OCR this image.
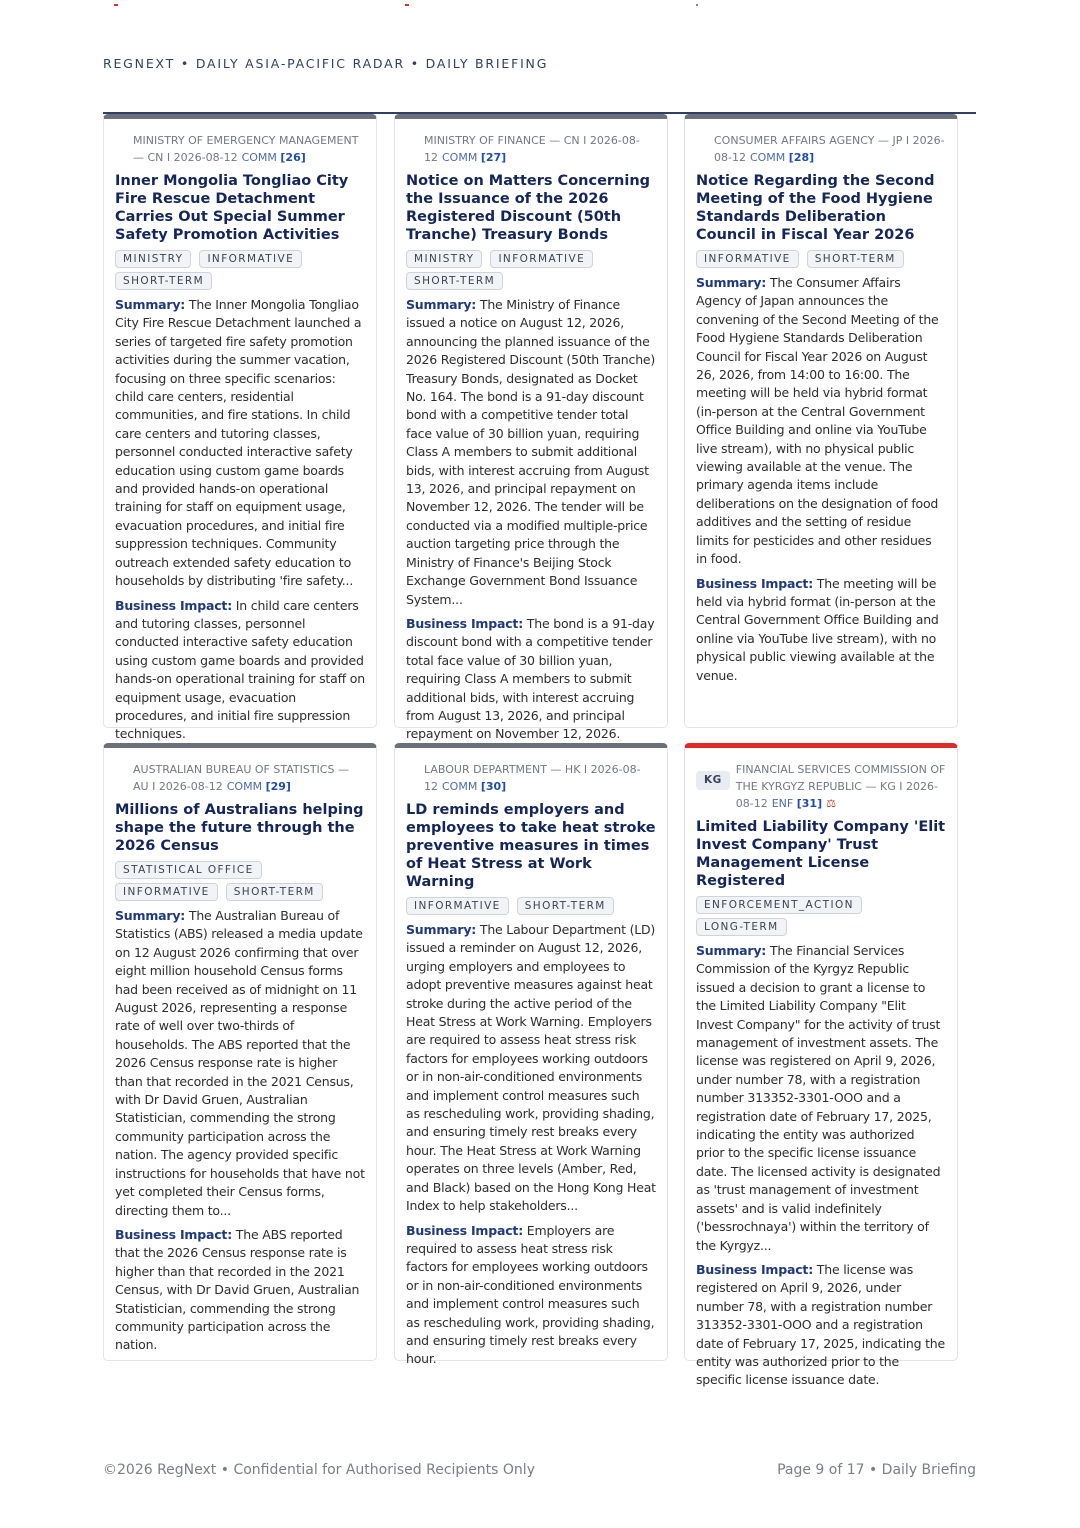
REGNEXT • DAILY ASIA-PACIFIC RADAR • DAILY BRIEFING
MINISTRY OF EMERGENCY MANAGEMENT — CN I 2026-08-12 COMM [26]
Inner Mongolia Tongliao City Fire Rescue Detachment Carries Out Special Summer Safety Promotion Activities
MINISTRY	INFORMATIVE
SHORT-TERM
Summary: The Inner Mongolia Tongliao City Fire Rescue Detachment launched a series of targeted fire safety promotion activities during the summer vacation, focusing on three specific scenarios: child care centers, residential communities, and fire stations. In child care centers and tutoring classes, personnel conducted interactive safety education using custom game boards and provided hands-on operational training for staff on equipment usage, evacuation procedures, and initial fire suppression techniques. Community outreach extended safety education to households by distributing 'fire safety...
Business Impact: In child care centers and tutoring classes, personnel conducted interactive safety education using custom game boards and provided hands-on operational training for staff on equipment usage, evacuation procedures, and initial fire suppression techniques.
MINISTRY OF FINANCE — CN I 2026-08-12 COMM [27]
Notice on Matters Concerning the Issuance of the 2026 Registered Discount (50th Tranche) Treasury Bonds
MINISTRY	INFORMATIVE
SHORT-TERM
Summary: The Ministry of Finance issued a notice on August 12, 2026, announcing the planned issuance of the 2026 Registered Discount (50th Tranche) Treasury Bonds, designated as Docket No. 164. The bond is a 91-day discount bond with a competitive tender total face value of 30 billion yuan, requiring Class A members to submit additional bids, with interest accruing from August 13, 2026, and principal repayment on November 12, 2026. The tender will be conducted via a modified multiple-price auction targeting price through the Ministry of Finance's Beijing Stock Exchange Government Bond Issuance System...
Business Impact: The bond is a 91-day discount bond with a competitive tender total face value of 30 billion yuan, requiring Class A members to submit additional bids, with interest accruing from August 13, 2026, and principal repayment on November 12, 2026.
CONSUMER AFFAIRS AGENCY — JP I 2026-08-12 COMM [28]
Notice Regarding the Second Meeting of the Food Hygiene Standards Deliberation Council in Fiscal Year 2026
INFORMATIVE	SHORT-TERM
Summary: The Consumer Affairs Agency of Japan announces the convening of the Second Meeting of the Food Hygiene Standards Deliberation Council for Fiscal Year 2026 on August 26, 2026, from 14:00 to 16:00. The meeting will be held via hybrid format (in-person at the Central Government Office Building and online via YouTube live stream), with no physical public viewing available at the venue. The primary agenda items include deliberations on the designation of food additives and the setting of residue limits for pesticides and other residues in food.
Business Impact: The meeting will be held via hybrid format (in-person at the Central Government Office Building and online via YouTube live stream), with no physical public viewing available at the venue.
AUSTRALIAN BUREAU OF STATISTICS — AU I 2026-08-12 COMM [29]
Millions of Australians helping shape the future through the 2026 Census
STATISTICAL OFFICE
INFORMATIVE	SHORT-TERM
Summary: The Australian Bureau of Statistics (ABS) released a media update on 12 August 2026 confirming that over eight million household Census forms had been received as of midnight on 11 August 2026, representing a response rate of well over two-thirds of households. The ABS reported that the 2026 Census response rate is higher than that recorded in the 2021 Census, with Dr David Gruen, Australian Statistician, commending the strong community participation across the nation. The agency provided specific instructions for households that have not yet completed their Census forms, directing them to...
Business Impact: The ABS reported that the 2026 Census response rate is higher than that recorded in the 2021 Census, with Dr David Gruen, Australian Statistician, commending the strong community participation across the nation.
LABOUR DEPARTMENT — HK I 2026-08-12 COMM [30]
LD reminds employers and employees to take heat stroke preventive measures in times of Heat Stress at Work Warning
INFORMATIVE	SHORT-TERM
Summary: The Labour Department (LD) issued a reminder on August 12, 2026, urging employers and employees to adopt preventive measures against heat stroke during the active period of the Heat Stress at Work Warning. Employers are required to assess heat stress risk factors for employees working outdoors or in non-air-conditioned environments and implement control measures such as rescheduling work, providing shading, and ensuring timely rest breaks every hour. The Heat Stress at Work Warning operates on three levels (Amber, Red, and Black) based on the Hong Kong Heat Index to help stakeholders...
Business Impact: Employers are required to assess heat stress risk factors for employees working outdoors or in non-air-conditioned environments and implement control measures such as rescheduling work, providing shading, and ensuring timely rest breaks every hour.
KG
FINANCIAL SERVICES COMMISSION OF THE KYRGYZ REPUBLIC — KG I 2026-08-12 ENF [31] ⚖
Limited Liability Company 'Elit Invest Company' Trust Management License Registered
ENFORCEMENT_ACTION
LONG-TERM
Summary: The Financial Services Commission of the Kyrgyz Republic issued a decision to grant a license to the Limited Liability Company "Elit Invest Company" for the activity of trust management of investment assets. The license was registered on April 9, 2026, under number 78, with a registration number 313352-3301-OOO and a registration date of February 17, 2025, indicating the entity was authorized prior to the specific license issuance date. The licensed activity is designated as 'trust management of investment assets' and is valid indefinitely ('bessrochnaya') within the territory of the Kyrgyz...
Business Impact: The license was registered on April 9, 2026, under number 78, with a registration number 313352-3301-OOO and a registration date of February 17, 2025, indicating the entity was authorized prior to the specific license issuance date.
©2026 RegNext • Confidential for Authorised Recipients Only	Page 9 of 17 • Daily Briefing
